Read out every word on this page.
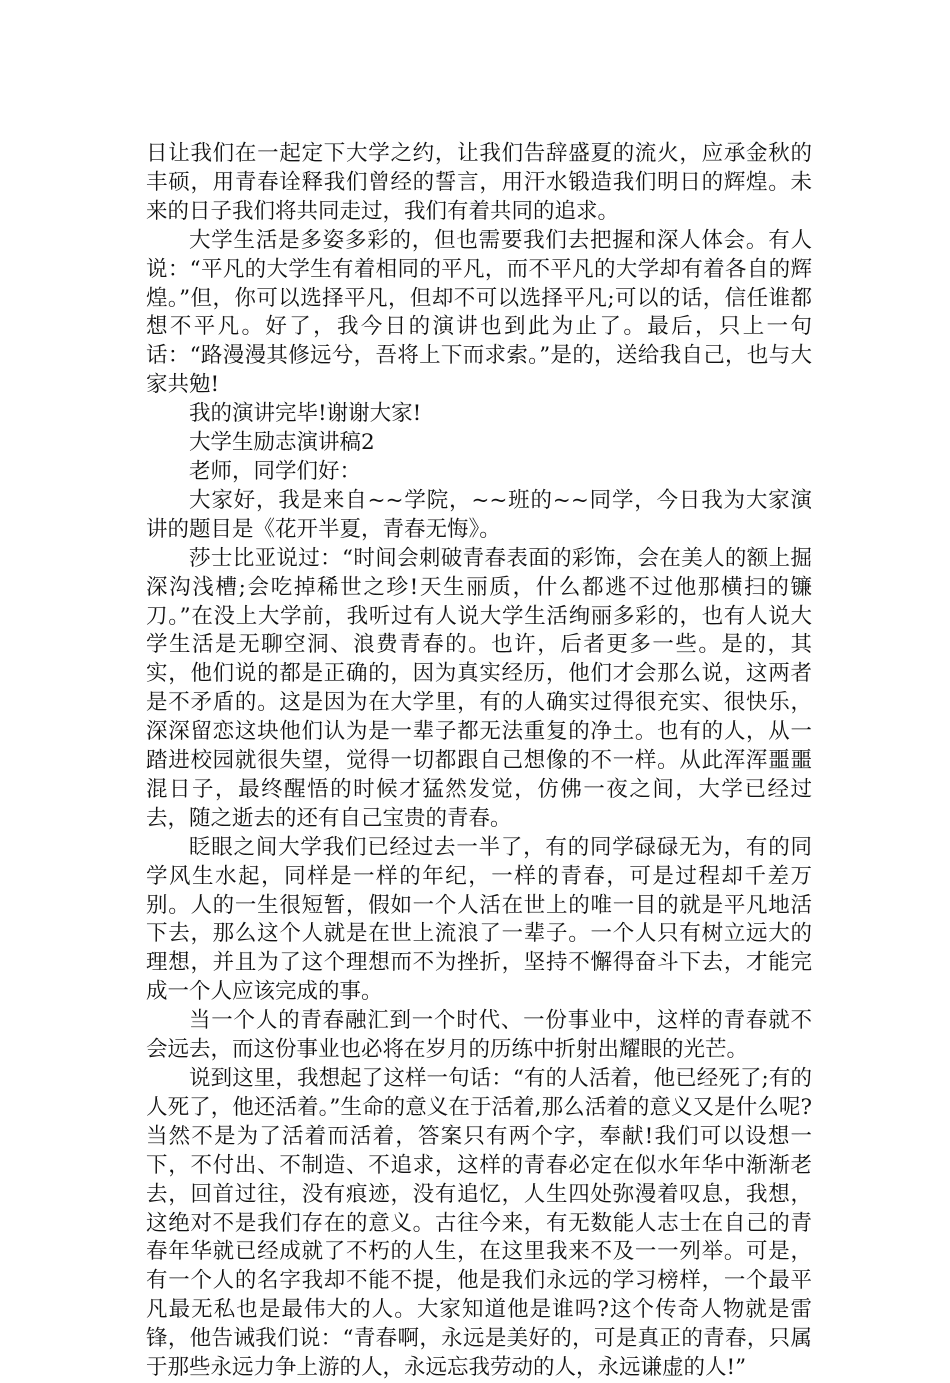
日让我们在一起定下大学之约，让我们告辞盛夏的流火，应承金秋的丰硕，用青春诠释我们曾经的誓言，用汗水锻造我们明日的辉煌。未来的日子我们将共同走过，我们有着共同的追求。

大学生活是多姿多彩的，但也需要我们去把握和深人体会。有人说：“平凡的大学生有着相同的平凡，而不平凡的大学却有着各自的辉煌。”但，你可以选择平凡，但却不可以选择平凡;可以的话，信任谁都想不平凡。好了，我今日的演讲也到此为止了。最后，只上一句话：“路漫漫其修远兮，吾将上下而求索。”是的，送给我自己，也与大家共勉!

我的演讲完毕!谢谢大家!

大学生励志演讲稿2

老师，同学们好：

大家好，我是来自~~学院，~~班的~~同学，今日我为大家演讲的题目是《花开半夏，青春无悔》。

莎士比亚说过：“时间会刺破青春表面的彩饰，会在美人的额上掘深沟浅槽;会吃掉稀世之珍!天生丽质，什么都逃不过他那横扫的镰刀。”在没上大学前，我听过有人说大学生活绚丽多彩的，也有人说大学生活是无聊空洞、浪费青春的。也许，后者更多一些。是的，其实，他们说的都是正确的，因为真实经历，他们才会那么说，这两者是不矛盾的。这是因为在大学里，有的人确实过得很充实、很快乐，深深留恋这块他们认为是一辈子都无法重复的净土。也有的人，从一踏进校园就很失望，觉得一切都跟自己想像的不一样。从此浑浑噩噩混日子，最终醒悟的时候才猛然发觉，仿佛一夜之间，大学已经过去，随之逝去的还有自己宝贵的青春。

眨眼之间大学我们已经过去一半了，有的同学碌碌无为，有的同学风生水起，同样是一样的年纪，一样的青春，可是过程却千差万别。人的一生很短暂，假如一个人活在世上的唯一目的就是平凡地活下去，那么这个人就是在世上流浪了一辈子。一个人只有树立远大的理想，并且为了这个理想而不为挫折，坚持不懈得奋斗下去，才能完成一个人应该完成的事。

当一个人的青春融汇到一个时代、一份事业中，这样的青春就不会远去，而这份事业也必将在岁月的历练中折射出耀眼的光芒。

说到这里，我想起了这样一句话：“有的人活着，他已经死了;有的人死了，他还活着。”生命的意义在于活着,那么活着的意义又是什么呢?当然不是为了活着而活着，答案只有两个字，奉献!我们可以设想一下，不付出、不制造、不追求，这样的青春必定在似水年华中渐渐老去，回首过往，没有痕迹，没有追忆，人生四处弥漫着叹息，我想，这绝对不是我们存在的意义。古往今来，有无数能人志士在自己的青春年华就已经成就了不朽的人生，在这里我来不及一一列举。可是，有一个人的名字我却不能不提，他是我们永远的学习榜样，一个最平凡最无私也是最伟大的人。大家知道他是谁吗?这个传奇人物就是雷锋，他告诫我们说：“青春啊，永远是美好的，可是真正的青春，只属于那些永远力争上游的人，永远忘我劳动的人，永远谦虚的人!”
